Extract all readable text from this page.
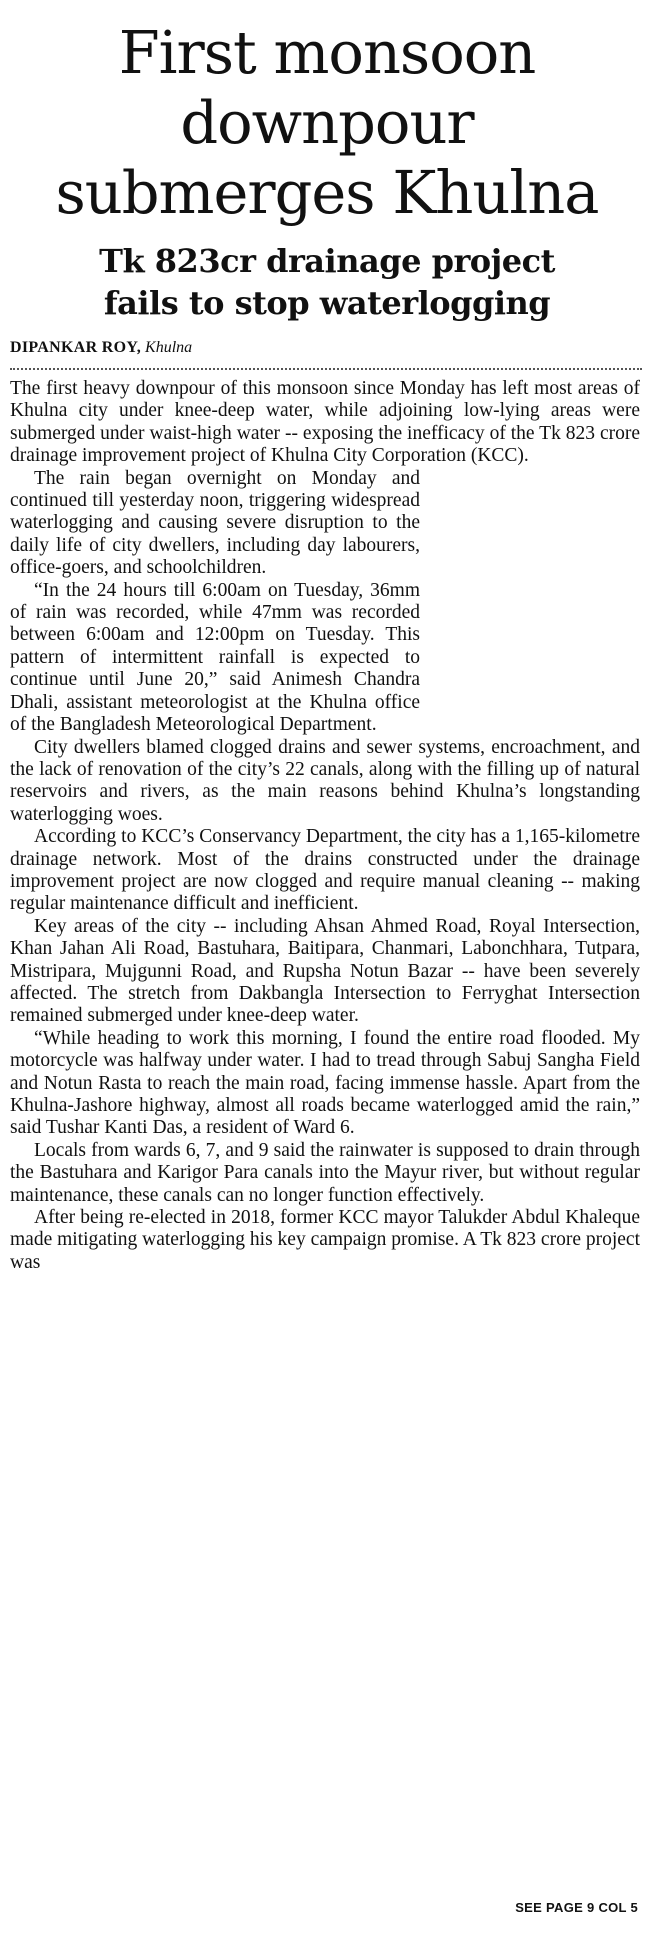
First monsoon
downpour
submerges Khulna
Tk 823cr drainage project
fails to stop waterlogging
DIPANKAR ROY, Khulna

The first heavy downpour of this monsoon since Monday has left most areas of Khulna city under knee-deep water, while adjoining low-lying areas were submerged under waist-high water -- exposing the inefficacy of the Tk 823 crore drainage improvement project of Khulna City Corporation (KCC).

The rain began overnight on Monday and continued till yesterday noon, triggering widespread waterlogging and causing severe disruption to the daily life of city dwellers, including day labourers, office-goers, and schoolchildren.

“In the 24 hours till 6:00am on Tuesday, 36mm of rain was recorded, while 47mm was recorded between 6:00am and 12:00pm on Tuesday. This pattern of intermittent rainfall is expected to continue until June 20,” said Animesh Chandra Dhali, assistant meteorologist at the Khulna office of the Bangladesh Meteorological Department.

City dwellers blamed clogged drains and sewer systems, encroachment, and the lack of renovation of the city’s 22 canals, along with the filling up of natural reservoirs and rivers, as the main reasons behind Khulna’s longstanding waterlogging woes.

According to KCC’s Conservancy Department, the city has a 1,165-kilometre drainage network. Most of the drains constructed under the drainage improvement project are now clogged and require manual cleaning -- making regular maintenance difficult and inefficient.

Key areas of the city -- including Ahsan Ahmed Road, Royal Intersection, Khan Jahan Ali Road, Bastuhara, Baitipara, Chanmari, Labonchhara, Tutpara, Mistripara, Mujgunni Road, and Rupsha Notun Bazar -- have been severely affected. The stretch from Dakbangla Intersection to Ferryghat Intersection remained submerged under knee-deep water.

“While heading to work this morning, I found the entire road flooded. My motorcycle was halfway under water. I had to tread through Sabuj Sangha Field and Notun Rasta to reach the main road, facing immense hassle. Apart from the Khulna-Jashore highway, almost all roads became waterlogged amid the rain,” said Tushar Kanti Das, a resident of Ward 6.

Locals from wards 6, 7, and 9 said the rainwater is supposed to drain through the Bastuhara and Karigor Para canals into the Mayur river, but without regular maintenance, these canals can no longer function effectively.

After being re-elected in 2018, former KCC mayor Talukder Abdul Khaleque made mitigating waterlogging his key campaign promise. A Tk 823 crore project was

SEE PAGE 9 COL 5
